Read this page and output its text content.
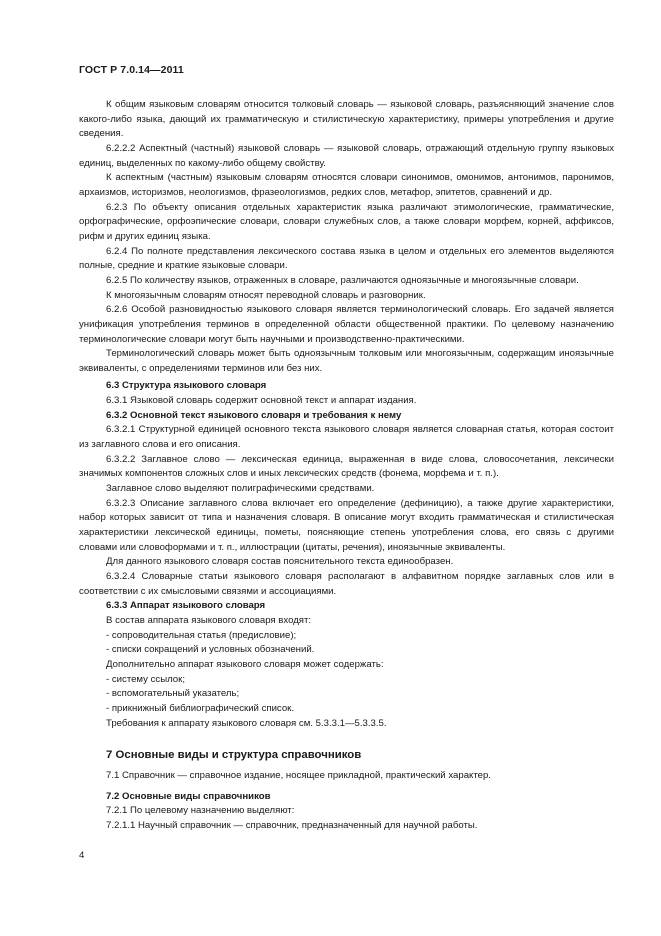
ГОСТ Р 7.0.14—2011

К общим языковым словарям относится толковый словарь — языковой словарь, разъясняющий значение слов какого-либо языка, дающий их грамматическую и стилистическую характеристику, примеры употребления и другие сведения.

6.2.2.2 Аспектный (частный) языковой словарь — языковой словарь, отражающий отдельную группу языковых единиц, выделенных по какому-либо общему свойству.

К аспектным (частным) языковым словарям относятся словари синонимов, омонимов, антонимов, паронимов, архаизмов, историзмов, неологизмов, фразеологизмов, редких слов, метафор, эпитетов, сравнений и др.

6.2.3 По объекту описания отдельных характеристик языка различают этимологические, грамматические, орфографические, орфоэпические словари, словари служебных слов, а также словари морфем, корней, аффиксов, рифм и других единиц языка.

6.2.4 По полноте представления лексического состава языка в целом и отдельных его элементов выделяются полные, средние и краткие языковые словари.

6.2.5 По количеству языков, отраженных в словаре, различаются одноязычные и многоязычные словари.

К многоязычным словарям относят переводной словарь и разговорник.

6.2.6 Особой разновидностью языкового словаря является терминологический словарь. Его задачей является унификация употребления терминов в определенной области общественной практики. По целевому назначению терминологические словари могут быть научными и производственно-практическими.

Терминологический словарь может быть одноязычным толковым или многоязычным, содержащим иноязычные эквиваленты, с определениями терминов или без них.

6.3 Структура языкового словаря

6.3.1 Языковой словарь содержит основной текст и аппарат издания.

6.3.2 Основной текст языкового словаря и требования к нему

6.3.2.1 Структурной единицей основного текста языкового словаря является словарная статья, которая состоит из заглавного слова и его описания.

6.3.2.2 Заглавное слово — лексическая единица, выраженная в виде слова, словосочетания, лексически значимых компонентов сложных слов и иных лексических средств (фонема, морфема и т. п.).

Заглавное слово выделяют полиграфическими средствами.

6.3.2.3 Описание заглавного слова включает его определение (дефиницию), а также другие характеристики, набор которых зависит от типа и назначения словаря. В описание могут входить грамматическая и стилистическая характеристики лексической единицы, пометы, поясняющие степень употребления слова, его связь с другими словами или словоформами и т. п., иллюстрации (цитаты, речения), иноязычные эквиваленты.

Для данного языкового словаря состав пояснительного текста единообразен.

6.3.2.4 Словарные статьи языкового словаря располагают в алфавитном порядке заглавных слов или в соответствии с их смысловыми связями и ассоциациями.

6.3.3 Аппарат языкового словаря

В состав аппарата языкового словаря входят:

- сопроводительная статья (предисловие);

- списки сокращений и условных обозначений.

Дополнительно аппарат языкового словаря может содержать:

- систему ссылок;

- вспомогательный указатель;

- прикнижный библиографический список.

Требования к аппарату языкового словаря см. 5.3.3.1—5.3.3.5.

7 Основные виды и структура справочников

7.1 Справочник — справочное издание, носящее прикладной, практический характер.

7.2 Основные виды справочников

7.2.1 По целевому назначению выделяют:

7.2.1.1 Научный справочник — справочник, предназначенный для научной работы.

4
